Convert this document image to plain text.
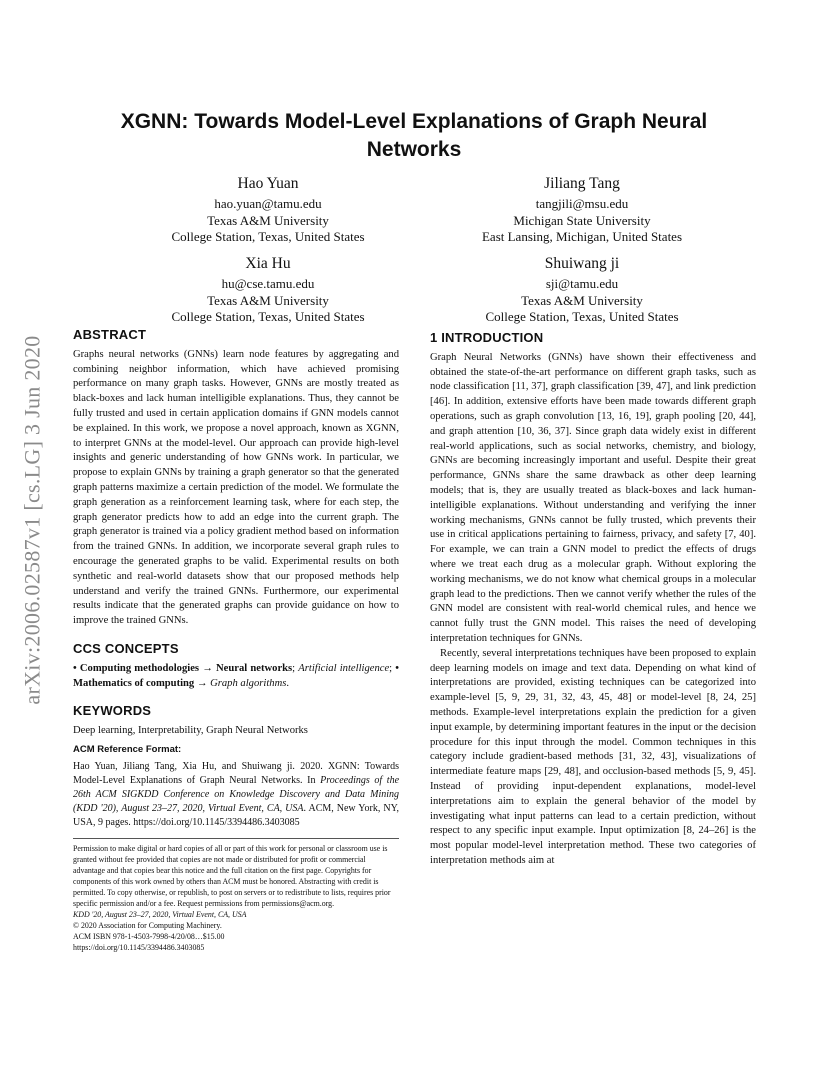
arXiv:2006.02587v1 [cs.LG] 3 Jun 2020
XGNN: Towards Model-Level Explanations of Graph Neural Networks
Hao Yuan
hao.yuan@tamu.edu
Texas A&M University
College Station, Texas, United States
Jiliang Tang
tangjili@msu.edu
Michigan State University
East Lansing, Michigan, United States
Xia Hu
hu@cse.tamu.edu
Texas A&M University
College Station, Texas, United States
Shuiwang ji
sji@tamu.edu
Texas A&M University
College Station, Texas, United States
ABSTRACT

Graphs neural networks (GNNs) learn node features by aggregating and combining neighbor information, which have achieved promising performance on many graph tasks. However, GNNs are mostly treated as black-boxes and lack human intelligible explanations. Thus, they cannot be fully trusted and used in certain application domains if GNN models cannot be explained. In this work, we propose a novel approach, known as XGNN, to interpret GNNs at the model-level. Our approach can provide high-level insights and generic understanding of how GNNs work. In particular, we propose to explain GNNs by training a graph generator so that the generated graph patterns maximize a certain prediction of the model. We formulate the graph generation as a reinforcement learning task, where for each step, the graph generator predicts how to add an edge into the current graph. The graph generator is trained via a policy gradient method based on information from the trained GNNs. In addition, we incorporate several graph rules to encourage the generated graphs to be valid. Experimental results on both synthetic and real-world datasets show that our proposed methods help understand and verify the trained GNNs. Furthermore, our experimental results indicate that the generated graphs can provide guidance on how to improve the trained GNNs.

CCS CONCEPTS

• Computing methodologies → Neural networks; Artificial intelligence; • Mathematics of computing → Graph algorithms.

KEYWORDS

Deep learning, Interpretability, Graph Neural Networks

ACM Reference Format:

Hao Yuan, Jiliang Tang, Xia Hu, and Shuiwang ji. 2020. XGNN: Towards Model-Level Explanations of Graph Neural Networks. In Proceedings of the 26th ACM SIGKDD Conference on Knowledge Discovery and Data Mining (KDD '20), August 23–27, 2020, Virtual Event, CA, USA. ACM, New York, NY, USA, 9 pages. https://doi.org/10.1145/3394486.3403085

Permission to make digital or hard copies of all or part of this work for personal or classroom use is granted without fee provided that copies are not made or distributed for profit or commercial advantage and that copies bear this notice and the full citation on the first page. Copyrights for components of this work owned by others than ACM must be honored. Abstracting with credit is permitted. To copy otherwise, or republish, to post on servers or to redistribute to lists, requires prior specific permission and/or a fee. Request permissions from permissions@acm.org.
KDD '20, August 23–27, 2020, Virtual Event, CA, USA
© 2020 Association for Computing Machinery.
ACM ISBN 978-1-4503-7998-4/20/08…$15.00
https://doi.org/10.1145/3394486.3403085
1 INTRODUCTION

Graph Neural Networks (GNNs) have shown their effectiveness and obtained the state-of-the-art performance on different graph tasks, such as node classification [11, 37], graph classification [39, 47], and link prediction [46]. In addition, extensive efforts have been made towards different graph operations, such as graph convolution [13, 16, 19], graph pooling [20, 44], and graph attention [10, 36, 37]. Since graph data widely exist in different real-world applications, such as social networks, chemistry, and biology, GNNs are becoming increasingly important and useful. Despite their great performance, GNNs share the same drawback as other deep learning models; that is, they are usually treated as black-boxes and lack human-intelligible explanations. Without understanding and verifying the inner working mechanisms, GNNs cannot be fully trusted, which prevents their use in critical applications pertaining to fairness, privacy, and safety [7, 40]. For example, we can train a GNN model to predict the effects of drugs where we treat each drug as a molecular graph. Without exploring the working mechanisms, we do not know what chemical groups in a molecular graph lead to the predictions. Then we cannot verify whether the rules of the GNN model are consistent with real-world chemical rules, and hence we cannot fully trust the GNN model. This raises the need of developing interpretation techniques for GNNs.

Recently, several interpretations techniques have been proposed to explain deep learning models on image and text data. Depending on what kind of interpretations are provided, existing techniques can be categorized into example-level [5, 9, 29, 31, 32, 43, 45, 48] or model-level [8, 24, 25] methods. Example-level interpretations explain the prediction for a given input example, by determining important features in the input or the decision procedure for this input through the model. Common techniques in this category include gradient-based methods [31, 32, 43], visualizations of intermediate feature maps [29, 48], and occlusion-based methods [5, 9, 45]. Instead of providing input-dependent explanations, model-level interpretations aim to explain the general behavior of the model by investigating what input patterns can lead to a certain prediction, without respect to any specific input example. Input optimization [8, 24–26] is the most popular model-level interpretation method. These two categories of interpretation methods aim at
